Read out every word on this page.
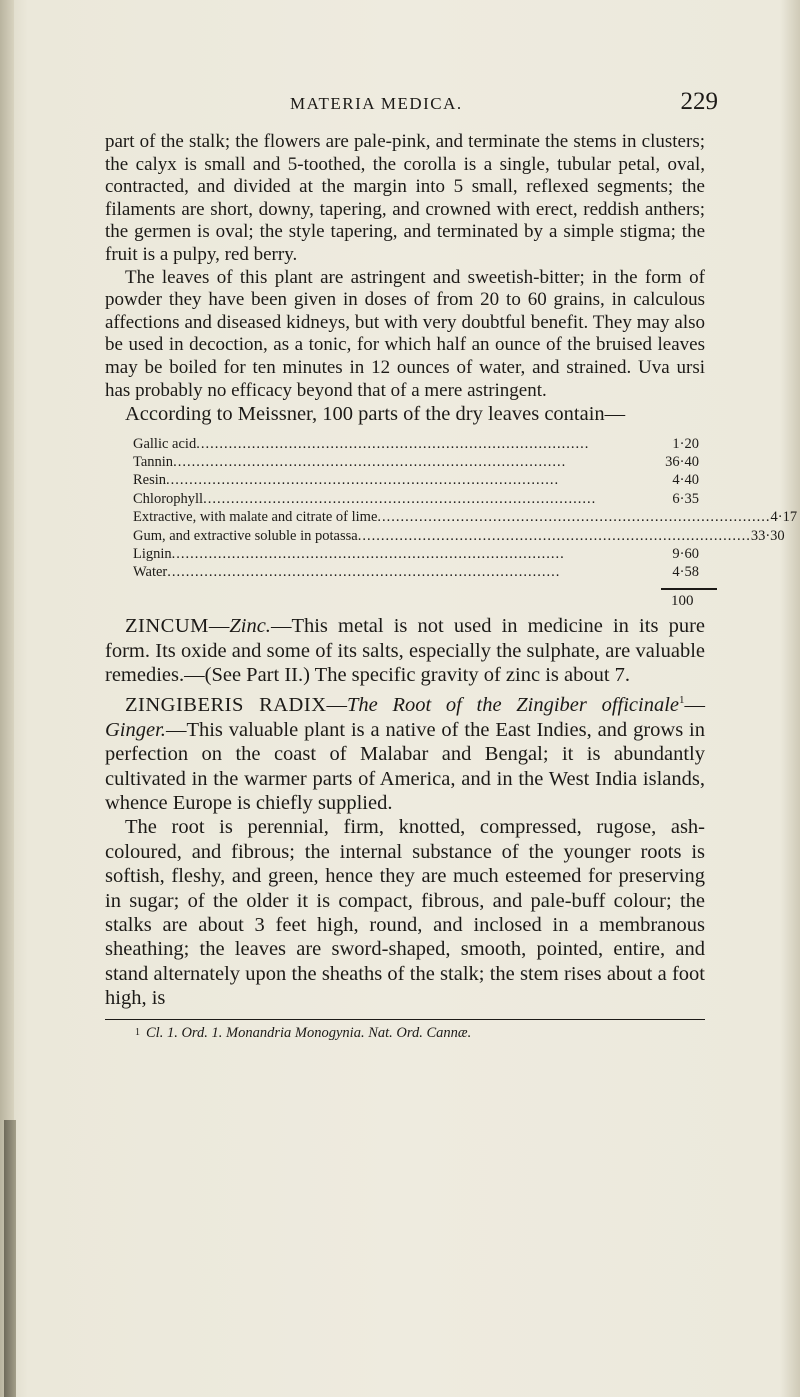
MATERIA MEDICA.	229

part of the stalk; the flowers are pale-pink, and terminate the stems in clusters; the calyx is small and 5-toothed, the corolla is a single, tubular petal, oval, contracted, and divided at the margin into 5 small, reflexed segments; the filaments are short, downy, tapering, and crowned with erect, reddish anthers; the germen is oval; the style tapering, and terminated by a simple stigma; the fruit is a pulpy, red berry.

The leaves of this plant are astringent and sweetish-bitter; in the form of powder they have been given in doses of from 20 to 60 grains, in calculous affections and diseased kidneys, but with very doubtful benefit. They may also be used in decoction, as a tonic, for which half an ounce of the bruised leaves may be boiled for ten minutes in 12 ounces of water, and strained. Uva ursi has probably no efficacy beyond that of a mere astringent.

According to Meissner, 100 parts of the dry leaves contain—

Gallic acid .....................................................................................	1·20
Tannin .....................................................................................	36·40
Resin .....................................................................................	4·40
Chlorophyll .....................................................................................	6·35
Extractive, with malate and citrate of lime ..................................................................................... 4·17
Gum, and extractive soluble in potassa ..................................................................................... 33·30
Lignin .....................................................................................	9·60
Water .....................................................................................	4·58
100

ZINCUM—Zinc.—This metal is not used in medicine in its pure form. Its oxide and some of its salts, especially the sulphate, are valuable remedies.—(See Part II.) The specific gravity of zinc is about 7.

ZINGIBERIS RADIX—The Root of the Zingiber officinale$^1$—Ginger.—This valuable plant is a native of the East Indies, and grows in perfection on the coast of Malabar and Bengal; it is abundantly cultivated in the warmer parts of America, and in the West India islands, whence Europe is chiefly supplied.

The root is perennial, firm, knotted, compressed, rugose, ash-coloured, and fibrous; the internal substance of the younger roots is softish, fleshy, and green, hence they are much esteemed for preserving in sugar; of the older it is compact, fibrous, and pale-buff colour; the stalks are about 3 feet high, round, and inclosed in a membranous sheathing; the leaves are sword-shaped, smooth, pointed, entire, and stand alternately upon the sheaths of the stalk; the stem rises about a foot high, is

$^1$ Cl. 1. Ord. 1. Monandria Monogynia. Nat. Ord. Cannæ.
